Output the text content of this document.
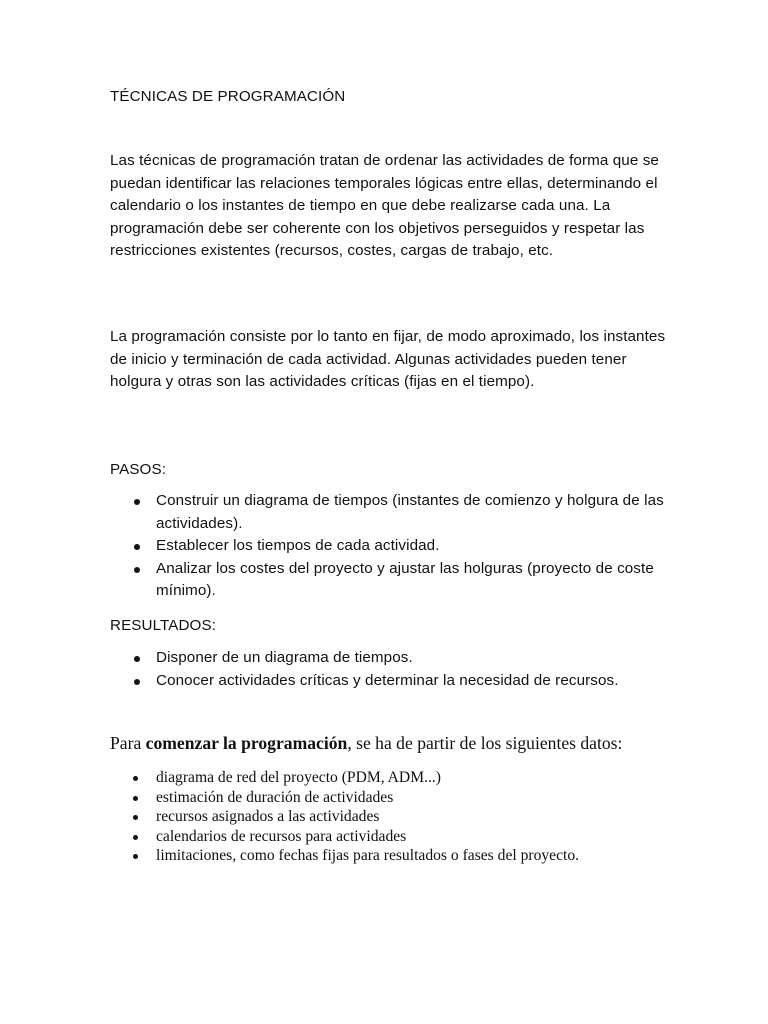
TÉCNICAS DE PROGRAMACIÓN

Las técnicas de programación tratan de ordenar las actividades de forma que se puedan identificar las relaciones temporales lógicas entre ellas, determinando el calendario o los instantes de tiempo en que debe realizarse cada una. La programación debe ser coherente con los objetivos perseguidos y respetar las restricciones existentes (recursos, costes, cargas de trabajo, etc.

La programación consiste por lo tanto en fijar, de modo aproximado, los instantes de inicio y terminación de cada actividad. Algunas actividades pueden tener holgura y otras son las actividades críticas (fijas en el tiempo).

PASOS:

Construir un diagrama de tiempos (instantes de comienzo y holgura de las actividades).
Establecer los tiempos de cada actividad.
Analizar los costes del proyecto y ajustar las holguras (proyecto de coste mínimo).

RESULTADOS:

Disponer de un diagrama de tiempos.
Conocer actividades críticas y determinar la necesidad de recursos.

Para comenzar la programación, se ha de partir de los siguientes datos:

diagrama de red del proyecto (PDM, ADM...)
estimación de duración de actividades
recursos asignados a las actividades
calendarios de recursos para actividades
limitaciones, como fechas fijas para resultados o fases del proyecto.
